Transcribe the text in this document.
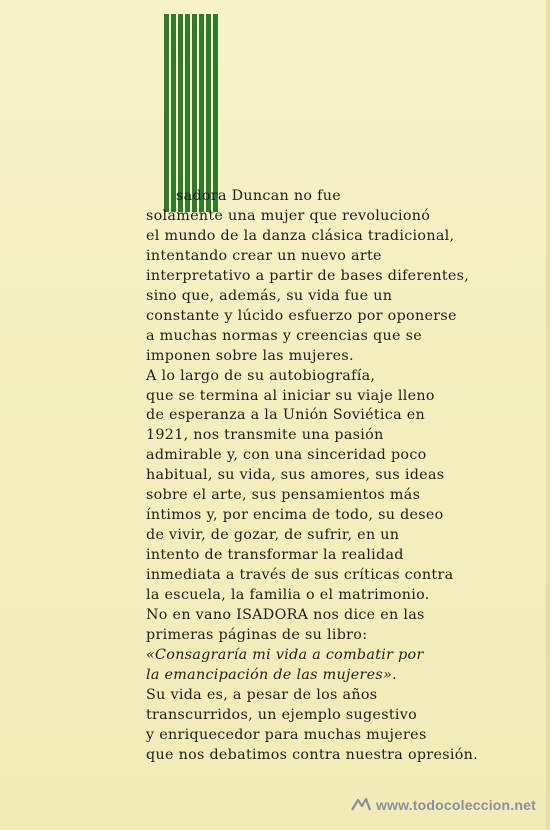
sadora Duncan no fue
solamente una mujer que revolucionó
el mundo de la danza clásica tradicional,
intentando crear un nuevo arte
interpretativo a partir de bases diferentes,
sino que, además, su vida fue un
constante y lúcido esfuerzo por oponerse
a muchas normas y creencias que se
imponen sobre las mujeres.
A lo largo de su autobiografía,
que se termina al iniciar su viaje lleno
de esperanza a la Unión Soviética en
1921, nos transmite una pasión
admirable y, con una sinceridad poco
habitual, su vida, sus amores, sus ideas
sobre el arte, sus pensamientos más
íntimos y, por encima de todo, su deseo
de vivir, de gozar, de sufrir, en un
intento de transformar la realidad
inmediata a través de sus críticas contra
la escuela, la familia o el matrimonio.
No en vano ISADORA nos dice en las
primeras páginas de su libro:
«Consagraría mi vida a combatir por
la emancipación de las mujeres».
Su vida es, a pesar de los años
transcurridos, un ejemplo sugestivo
y enriquecedor para muchas mujeres
que nos debatimos contra nuestra opresión.
www.todocoleccion.net
